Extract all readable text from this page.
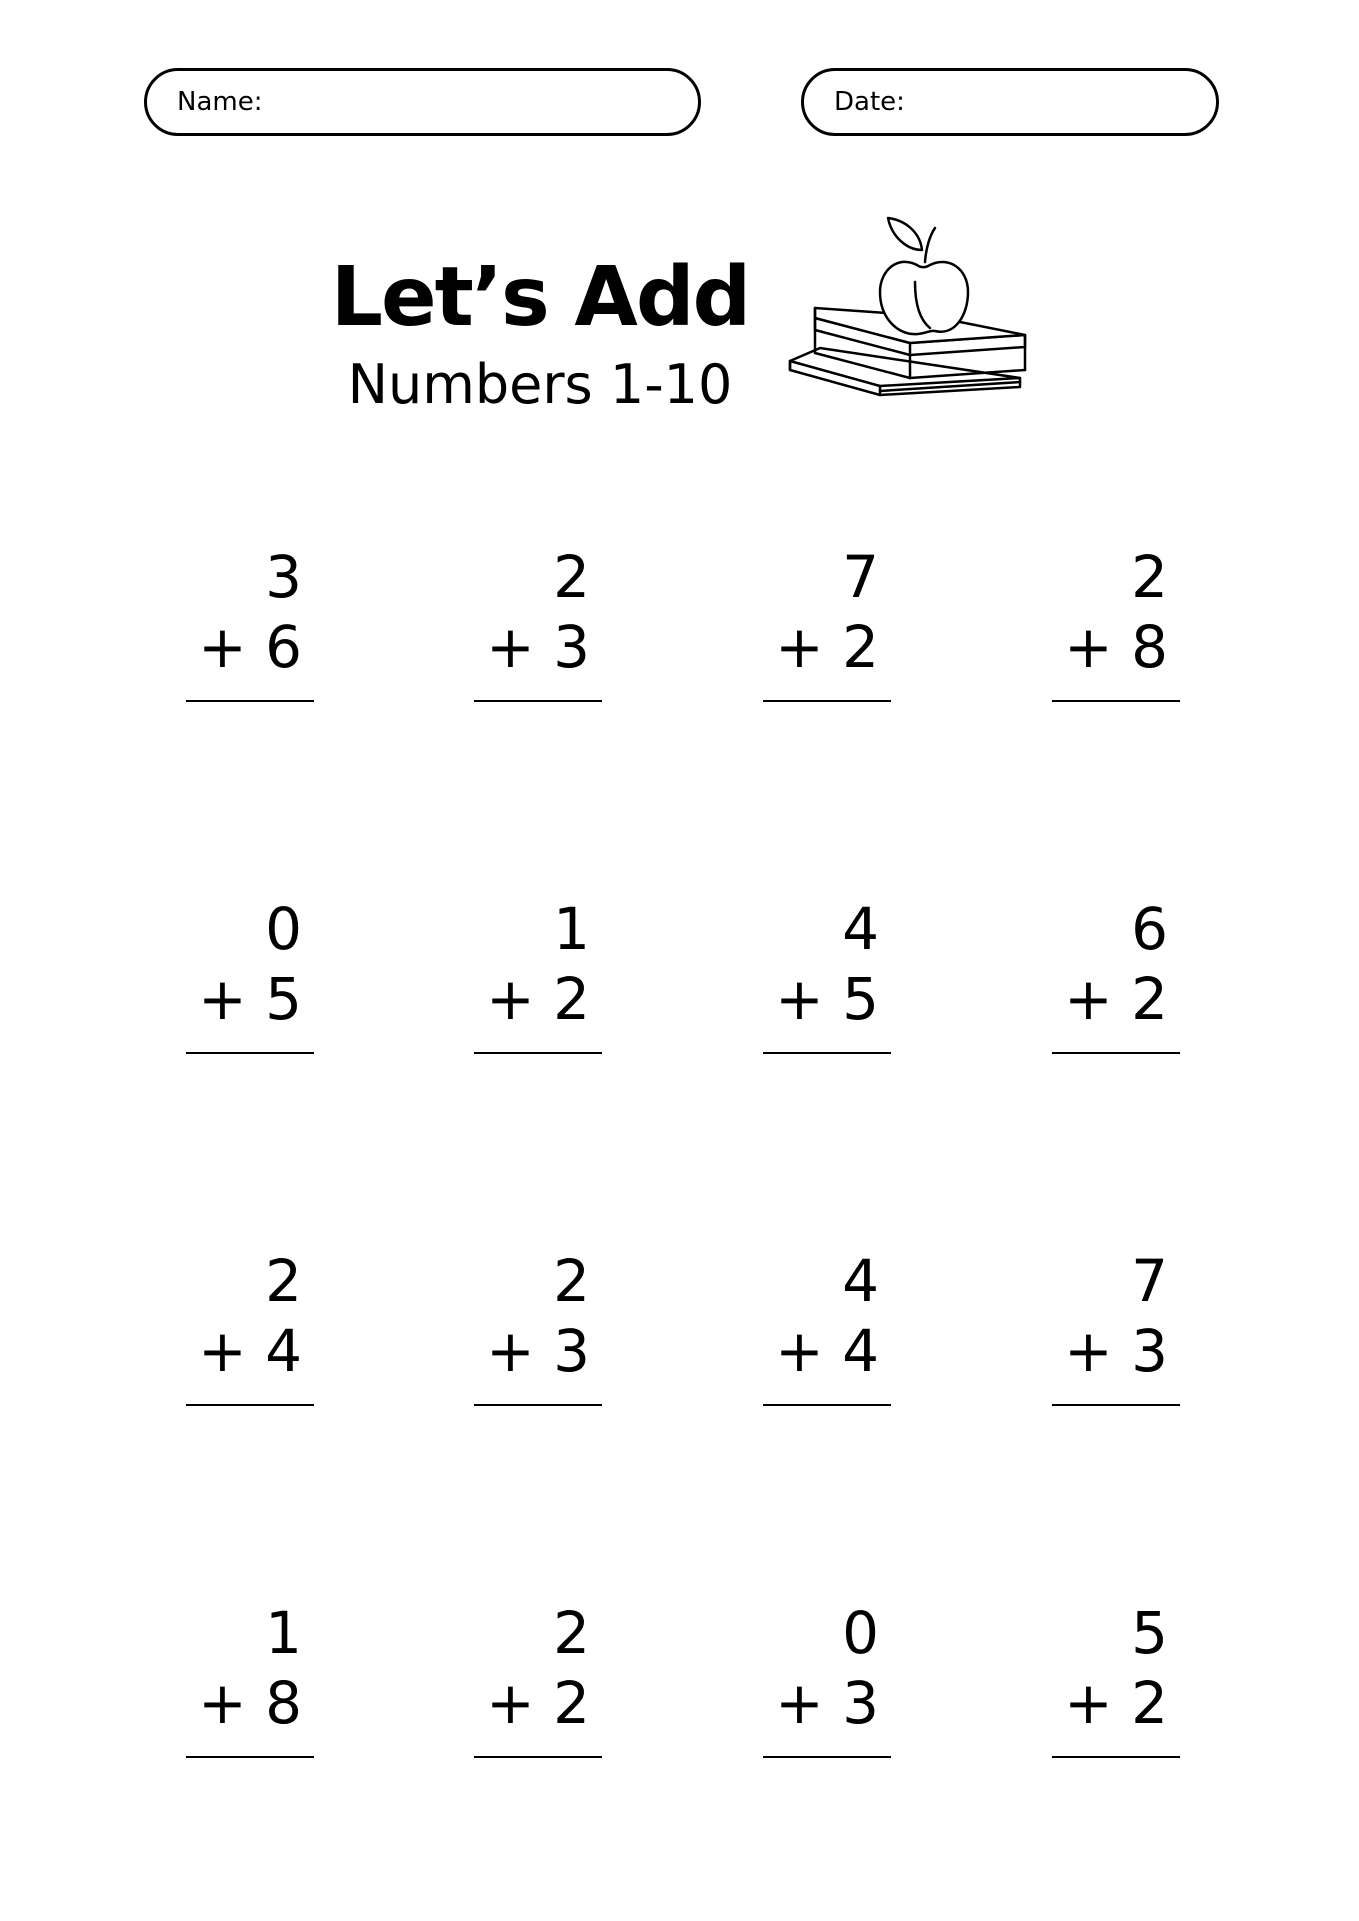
Name:	Date:
Let’s Add
Numbers 1-10
3
+ 6
2
+ 3
7
+ 2
2
+ 8
0
+ 5
1
+ 2
4
+ 5
6
+ 2
2
+ 4
2
+ 3
4
+ 4
7
+ 3
1
+ 8
2
+ 2
0
+ 3
5
+ 2
